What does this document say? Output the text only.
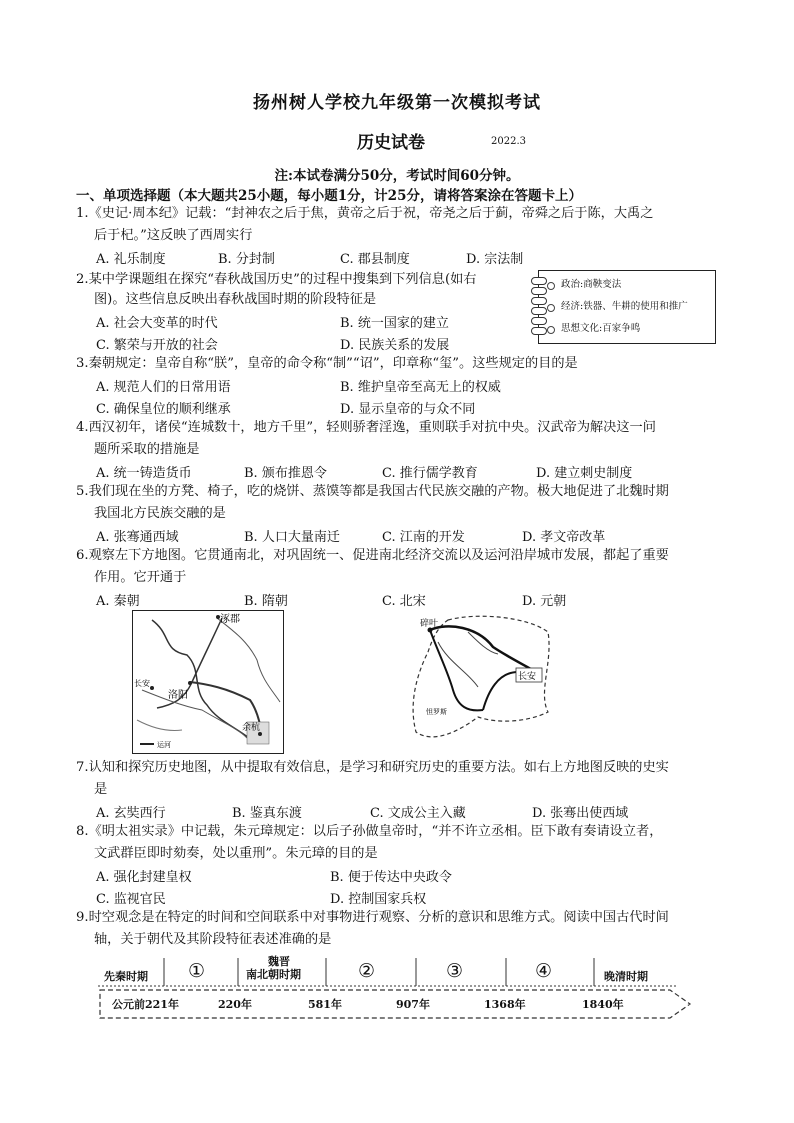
扬州树人学校九年级第一次模拟考试
历史试卷	2022.3
注:本试卷满分50分，考试时间60分钟。
一、单项选择题（本大题共25小题，每小题1分，计25分，请将答案涂在答题卡上）
1.《史记·周本纪》记载：“封神农之后于焦，黄帝之后于祝，帝尧之后于蓟，帝舜之后于陈，大禹之
后于杞。”这反映了西周实行
A. 礼乐制度	B. 分封制	C. 郡县制度	D. 宗法制
2.某中学课题组在探究“春秋战国历史”的过程中搜集到下列信息(如右
图)。这些信息反映出春秋战国时期的阶段特征是
A. 社会大变革的时代	B. 统一国家的建立
C. 繁荣与开放的社会	D. 民族关系的发展
政治:商鞅变法
经济:铁器、牛耕的使用和推广
思想文化:百家争鸣
3.秦朝规定：皇帝自称“朕”，皇帝的命令称“制”“诏”，印章称“玺”。这些规定的目的是
A. 规范人们的日常用语	B. 维护皇帝至高无上的权威
C. 确保皇位的顺利继承	D. 显示皇帝的与众不同
4.西汉初年，诸侯“连城数十，地方千里”，轻则骄奢淫逸，重则联手对抗中央。汉武帝为解决这一问
题所采取的措施是
A. 统一铸造货币	B. 颁布推恩令	C. 推行儒学教育	D. 建立刺史制度
5.我们现在坐的方凳、椅子，吃的烧饼、蒸馍等都是我国古代民族交融的产物。极大地促进了北魏时期
我国北方民族交融的是
A. 张骞通西域	B. 人口大量南迁	C. 江南的开发	D. 孝文帝改革
6.观察左下方地图。它贯通南北，对巩固统一、促进南北经济交流以及运河沿岸城市发展，都起了重要
作用。它开通于
A. 秦朝	B. 隋朝	C. 北宋	D. 元朝
涿郡
洛阳
长安
余杭
运河
碎叶
长安
怛罗斯
7.认知和探究历史地图，从中提取有效信息，是学习和研究历史的重要方法。如右上方地图反映的史实
是
A. 玄奘西行	B. 鉴真东渡	C. 文成公主入藏	D. 张骞出使西域
8.《明太祖实录》中记载，朱元璋规定：以后子孙做皇帝时，“并不许立丞相。臣下敢有奏请设立者，
文武群臣即时劾奏，处以重刑”。朱元璋的目的是
A. 强化封建皇权	B. 便于传达中央政令
C. 监视官民	D. 控制国家兵权
9.时空观念是在特定的时间和空间联系中对事物进行观察、分析的意识和思维方式。阅读中国古代时间
轴，关于朝代及其阶段特征表述准确的是
先秦时期 ①	魏晋
南北朝时期	②	③	④	晚清时期
公元前221年	220年	581年	907年	1368年	1840年
